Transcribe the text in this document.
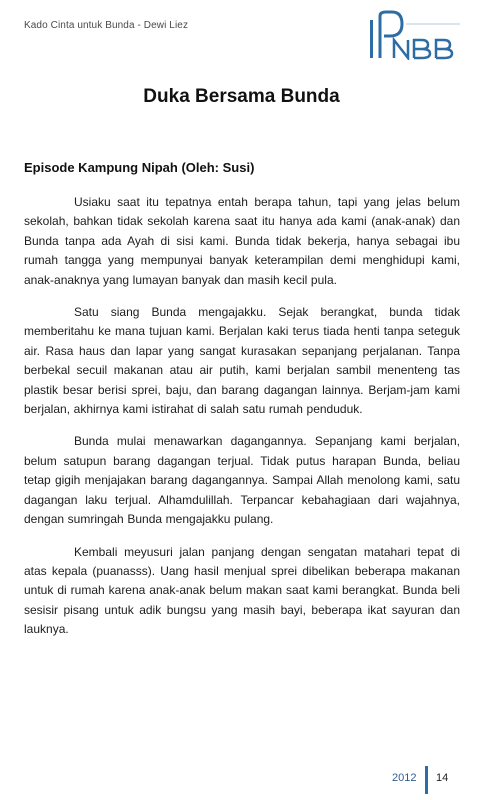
Kado Cinta untuk Bunda - Dewi Liez
Duka Bersama Bunda
Episode Kampung Nipah (Oleh: Susi)

Usiaku saat itu tepatnya entah berapa tahun, tapi yang jelas belum sekolah, bahkan tidak sekolah karena saat itu hanya ada kami (anak-anak) dan Bunda tanpa ada Ayah di sisi kami. Bunda tidak bekerja, hanya sebagai ibu rumah tangga yang mempunyai banyak keterampilan demi menghidupi kami, anak-anaknya yang lumayan banyak dan masih kecil pula.

Satu siang Bunda mengajakku. Sejak berangkat, bunda tidak memberitahu ke mana tujuan kami. Berjalan kaki terus tiada henti tanpa seteguk air. Rasa haus dan lapar yang sangat kurasakan sepanjang perjalanan. Tanpa berbekal secuil makanan atau air putih, kami berjalan sambil menenteng tas plastik besar berisi sprei, baju, dan barang dagangan lainnya. Berjam-jam kami berjalan, akhirnya kami istirahat di salah satu rumah penduduk.

Bunda mulai menawarkan dagangannya. Sepanjang kami berjalan, belum satupun barang dagangan terjual. Tidak putus harapan Bunda, beliau tetap gigih menjajakan barang dagangannya. Sampai Allah menolong kami, satu dagangan laku terjual. Alhamdulillah. Terpancar kebahagiaan dari wajahnya, dengan sumringah Bunda mengajakku pulang.

Kembali meyusuri jalan panjang dengan sengatan matahari tepat di atas kepala (puanasss). Uang hasil menjual sprei dibelikan beberapa makanan untuk di rumah karena anak-anak belum makan saat kami berangkat. Bunda beli sesisir pisang untuk adik bungsu yang masih bayi, beberapa ikat sayuran dan lauknya.

2012 14
